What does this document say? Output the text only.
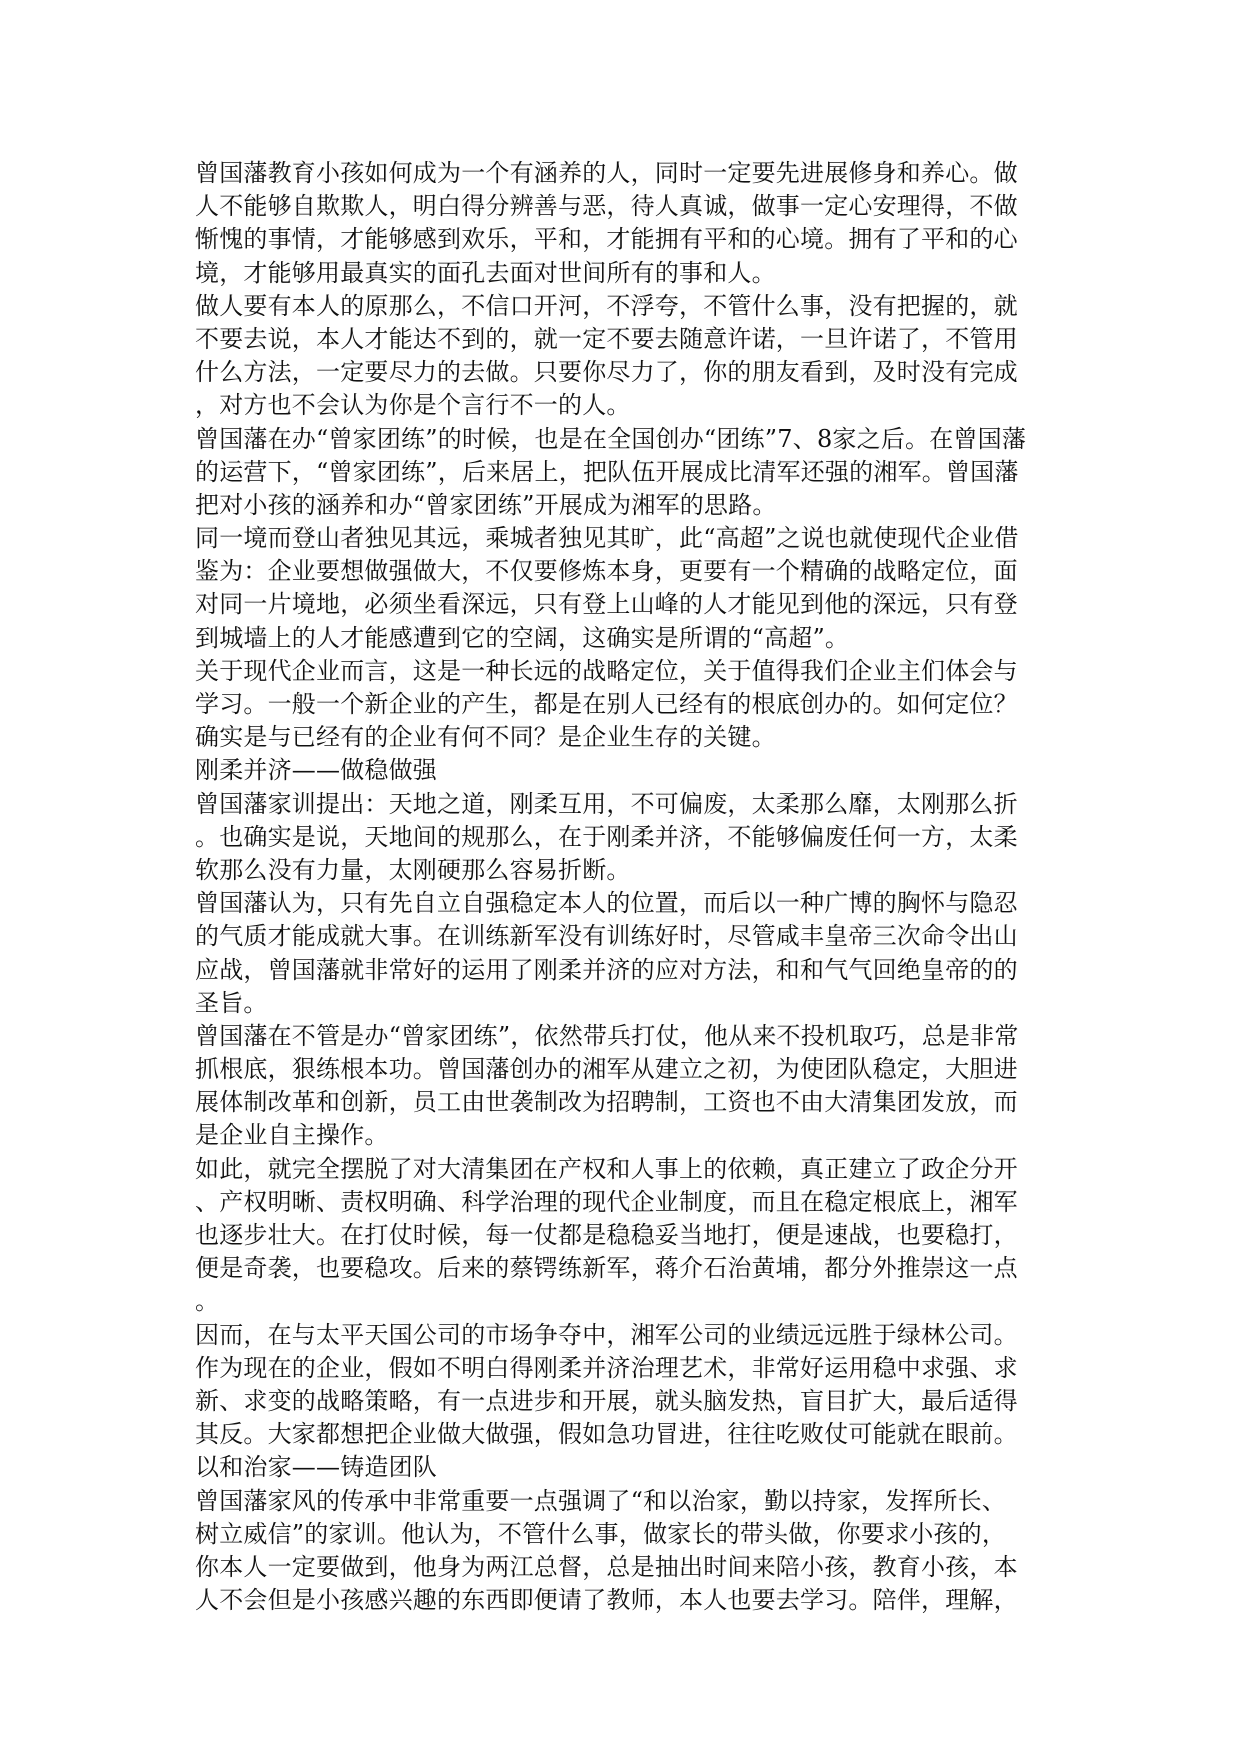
曾国藩教育小孩如何成为一个有涵养的人，同时一定要先进展修身和养心。做
人不能够自欺欺人，明白得分辨善与恶，待人真诚，做事一定心安理得，不做
惭愧的事情，才能够感到欢乐，平和，才能拥有平和的心境。拥有了平和的心
境，才能够用最真实的面孔去面对世间所有的事和人。
做人要有本人的原那么，不信口开河，不浮夸，不管什么事，没有把握的，就
不要去说，本人才能达不到的，就一定不要去随意许诺，一旦许诺了，不管用
什么方法，一定要尽力的去做。只要你尽力了，你的朋友看到，及时没有完成
，对方也不会认为你是个言行不一的人。
曾国藩在办“曾家团练”的时候，也是在全国创办“团练”7、8家之后。在曾国藩
的运营下，“曾家团练”，后来居上，把队伍开展成比清军还强的湘军。曾国藩
把对小孩的涵养和办“曾家团练”开展成为湘军的思路。
同一境而登山者独见其远，乘城者独见其旷，此“高超”之说也就使现代企业借
鉴为：企业要想做强做大，不仅要修炼本身，更要有一个精确的战略定位，面
对同一片境地，必须坐看深远，只有登上山峰的人才能见到他的深远，只有登
到城墙上的人才能感遭到它的空阔，这确实是所谓的“高超”。
关于现代企业而言，这是一种长远的战略定位，关于值得我们企业主们体会与
学习。一般一个新企业的产生，都是在别人已经有的根底创办的。如何定位？
确实是与已经有的企业有何不同？是企业生存的关键。
刚柔并济——做稳做强
曾国藩家训提出：天地之道，刚柔互用，不可偏废，太柔那么靡，太刚那么折
。也确实是说，天地间的规那么，在于刚柔并济，不能够偏废任何一方，太柔
软那么没有力量，太刚硬那么容易折断。
曾国藩认为，只有先自立自强稳定本人的位置，而后以一种广博的胸怀与隐忍
的气质才能成就大事。在训练新军没有训练好时，尽管咸丰皇帝三次命令出山
应战，曾国藩就非常好的运用了刚柔并济的应对方法，和和气气回绝皇帝的的
圣旨。
曾国藩在不管是办“曾家团练”，依然带兵打仗，他从来不投机取巧，总是非常
抓根底，狠练根本功。曾国藩创办的湘军从建立之初，为使团队稳定，大胆进
展体制改革和创新，员工由世袭制改为招聘制，工资也不由大清集团发放，而
是企业自主操作。
如此，就完全摆脱了对大清集团在产权和人事上的依赖，真正建立了政企分开
、产权明晰、责权明确、科学治理的现代企业制度，而且在稳定根底上，湘军
也逐步壮大。在打仗时候，每一仗都是稳稳妥当地打，便是速战，也要稳打，
便是奇袭，也要稳攻。后来的蔡锷练新军，蒋介石治黄埔，都分外推崇这一点
。
因而，在与太平天国公司的市场争夺中，湘军公司的业绩远远胜于绿林公司。
作为现在的企业，假如不明白得刚柔并济治理艺术，非常好运用稳中求强、求
新、求变的战略策略，有一点进步和开展，就头脑发热，盲目扩大，最后适得
其反。大家都想把企业做大做强，假如急功冒进，往往吃败仗可能就在眼前。
以和治家——铸造团队
曾国藩家风的传承中非常重要一点强调了“和以治家，勤以持家，发挥所长、
树立威信”的家训。他认为，不管什么事，做家长的带头做，你要求小孩的，
你本人一定要做到，他身为两江总督，总是抽出时间来陪小孩，教育小孩，本
人不会但是小孩感兴趣的东西即便请了教师，本人也要去学习。陪伴，理解，
